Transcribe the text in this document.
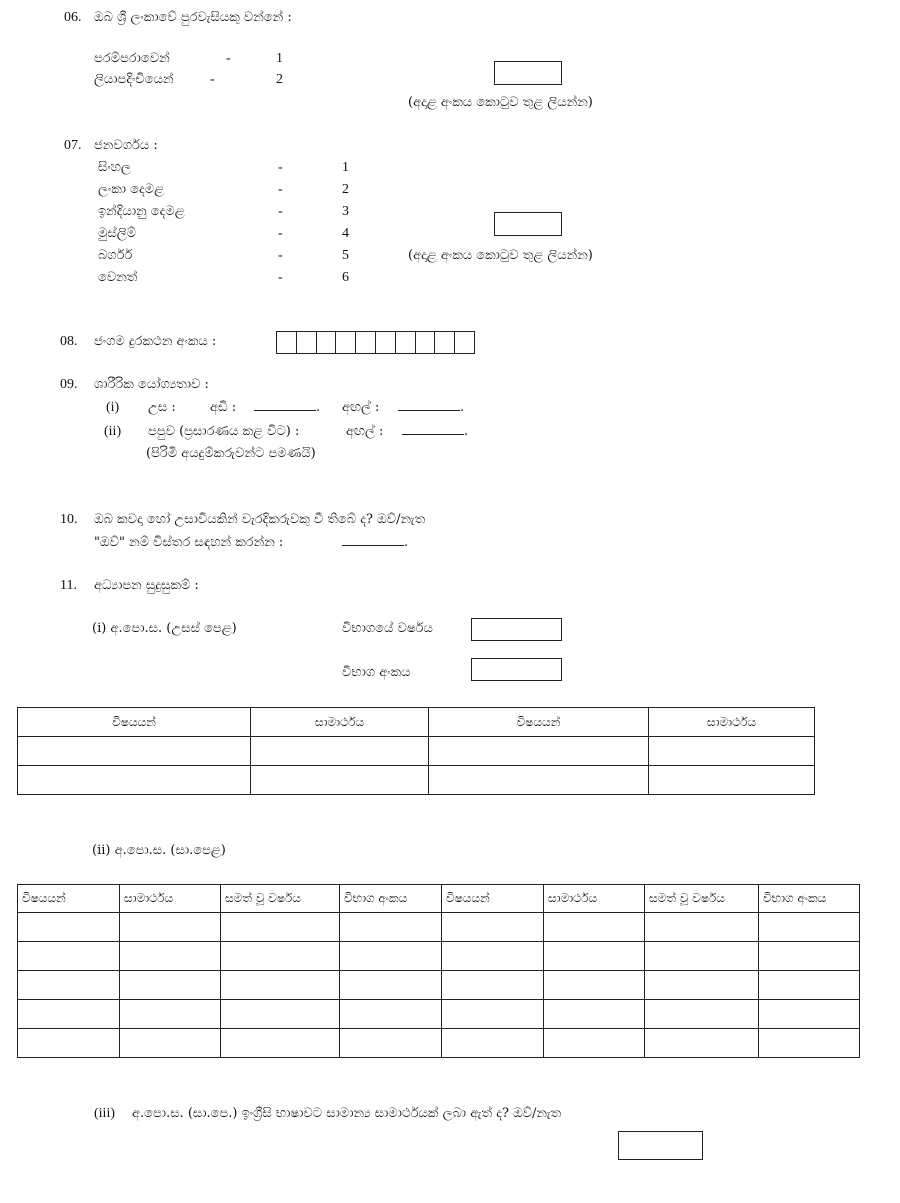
06. ඔබ ශ්‍රී ලංකාවේ පුරවැසියකු වන්නේ :
පරම්පරාවෙන්	-	1
ලියාපදිංචියෙන්	-	2
(අදාළ අංකය කොටුව තුළ ලියන්න)
07. ජනවර්ගය :
සිංහල	-	1
ලංකා දෙමළ	-	2
ඉන්දියානු දෙමළ	-	3
මුස්ලිම්	-	4
බර්ගර්	-	5
වෙනත්	-	6
(අදාළ අංකය කොටුව තුළ ලියන්න)
08. ජංගම දුරකථන අංකය :
09. ශාරීරික යෝග්‍යතාව :
(i) උස :	අඩි :	. අඟල් :	.
(ii) පපුව (ප්‍රසාරණය කළ විට) :	අඟල් :	.
(පිරිමි අයදුම්කරුවන්ට පමණයි)
10. ඔබ කවදා හෝ උසාවියකින් වැරදිකරුවකු වී තිබේ ද? ඔව්/නැත
"ඔව්" නම් විස්තර සඳහන් කරන්න :	.
11. අධ්‍යාපන සුදුසුකම් :
(i) අ.පො.ස. (උසස් පෙළ)	විභාගයේ වර්ෂය
විභාග අංකය
විෂයයන්	සාමාර්ථය	විෂයයන්	සාමාර්ථය

(ii) අ.පො.ස. (සා.පෙළ)
විෂයයන්	සාමාර්ථය	සමත් වූ වර්ෂය	විභාග අංකය	විෂයයන්	සාමාර්ථය	සමත් වූ වර්ෂය	විභාග අංකය

(iii) අ.පො.ස. (සා.පෙ.) ඉංග්‍රීසි භාෂාවට සාමාන්‍ය සාමාර්ථයක් ලබා ඇත් ද? ඔව්/නැත
